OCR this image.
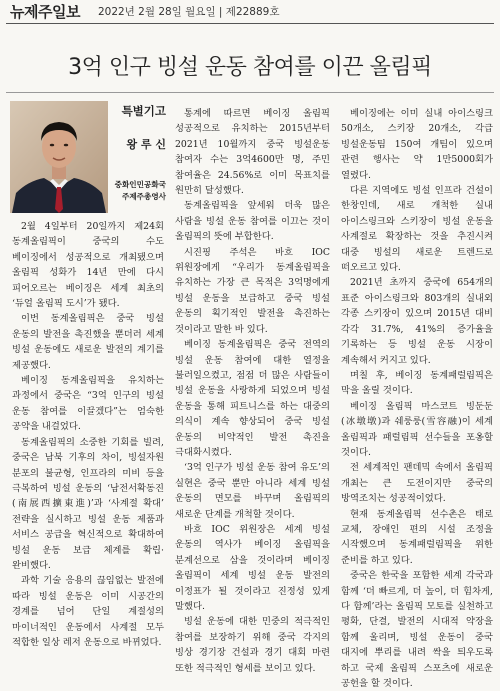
뉴제주일보 2022년 2월 28일 월요일 | 제22889호
3억 인구 빙설 운동 참여를 이끈 올림픽
특별기고
왕 루 신
중화인민공화국
주제주총영사

2월 4일부터 20일까지 제24회 동계올림픽이 중국의 수도 베이징에서 성공적으로 개최됐으며 올림픽 성화가 14년 만에 다시 피어오르는 베이징은 세계 최초의 ‘듀얼 올림픽 도시’가 됐다.

이번 동계올림픽은 중국 빙설 운동의 발전을 촉진했을 뿐더러 세계 빙설 운동에도 새로운 발전의 계기를 제공했다.

베이징 동계올림픽을 유치하는 과정에서 중국은 “3억 인구의 빙설 운동 참여를 이끌겠다”는 엄숙한 공약을 내걸었다.

동계올림픽의 소중한 기회를 빌려, 중국은 남북 기후의 차이, 빙설자원 분포의 불균형, 인프라의 미비 등을 극복하여 빙설 운동의 ‘남전서확동진(南展西擴東進)’과 ‘사계절 확대’ 전략을 실시하고 빙설 운동 제품과 서비스 공급을 혁신적으로 확대하여 빙설 운동 보급 체계를 확립·완비했다.

과학 기술 응용의 끊임없는 발전에 따라 빙설 운동은 이미 시공간의 경계를 넘어 단일 계절성의 마이너적인 운동에서 사계절 모두 적합한 일상 레저 운동으로 바뀌었다.

통계에 따르면 베이징 올림픽 성공적으로 유치하는 2015년부터 2021년 10월까지 중국 빙설운동 참여자 수는 3억4600만 명, 주민 참여율은 24.56%로 이미 목표치를 원만히 달성했다.

동계올림픽을 앞세워 더욱 많은 사람을 빙설 운동 참여를 이끄는 것이 올림픽의 뜻에 부합한다.

시진핑 주석은 바흐 IOC 위원장에게 “우리가 동계올림픽을 유치하는 가장 큰 목적은 3억명에게 빙설 운동을 보급하고 중국 빙설 운동의 획기적인 발전을 촉진하는 것이라고 말한 바 있다.

베이징 동계올림픽은 중국 전역의 빙설 운동 참여에 대한 열정을 불러일으켰고, 점점 더 많은 사람들이 빙설 운동을 사랑하게 되었으며 빙설 운동을 통해 피트니스를 하는 대중의 의식이 계속 향상되어 중국 빙설 운동의 비약적인 발전 촉진을 극대화시켰다.

‘3억 인구가 빙설 운동 참여 유도’의 실현은 중국 뿐만 아니라 세계 빙설 운동의 면모를 바꾸며 올림픽의 새로운 단계를 개척할 것이다.

바흐 IOC 위원장은 세계 빙설 운동의 역사가 베이징 올림픽을 분계선으로 삼을 것이라며 베이징 올림픽이 세계 빙설 운동 발전의 이정표가 될 것이라고 진정성 있게 말했다.

빙설 운동에 대한 민중의 적극적인 참여를 보장하기 위해 중국 각지의 빙상 경기장 건설과 경기 대회 마련 또한 적극적인 형세를 보이고 있다.

베이징에는 이미 실내 아이스링크 50개소, 스키장 20개소, 각급 빙설운동팀 150여 개팀이 있으며 관련 행사는 약 1만5000회가 열렸다.

다른 지역에도 빙설 인프라 건설이 한창인데, 새로 개척한 실내 아이스링크와 스키장이 빙설 운동을 사계절로 확장하는 것을 추진시켜 대중 빙설의 새로운 트렌드로 떠오르고 있다.

2021년 초까지 중국에 654개의 표준 아이스링크와 803개의 실내외 각종 스키장이 있으며 2015년 대비 각각 31.7%, 41%의 증가율을 기록하는 등 빙설 운동 시장이 계속해서 커지고 있다.

며칠 후, 베이징 동계패럴림픽은 막을 올릴 것이다.

베이징 올림픽 마스코트 빙둔둔(冰墩墩)과 쉐룽룽(雪容融)이 세계 올림픽과 패럴림픽 선수들을 포옹할 것이다.

전 세계적인 팬데믹 속에서 올림픽 개최는 큰 도전이지만 중국의 방역조치는 성공적이었다.

현재 동계올림픽 선수촌은 태로 교체, 장애인 편의 시설 조정을 시작했으며 동계패럴림픽을 위한 준비를 하고 있다.

중국은 한국을 포함한 세계 각국과 함께 ‘더 빠르게, 더 높이, 더 힘차게, 다 함께’라는 올림픽 모토를 실천하고 평화, 단결, 발전의 시대적 약장을 함께 울리며, 빙설 운동이 중국 대지에 뿌리를 내려 싹을 틔우도록 하고 국제 올림픽 스포츠에 새로운 공헌을 할 것이다.
